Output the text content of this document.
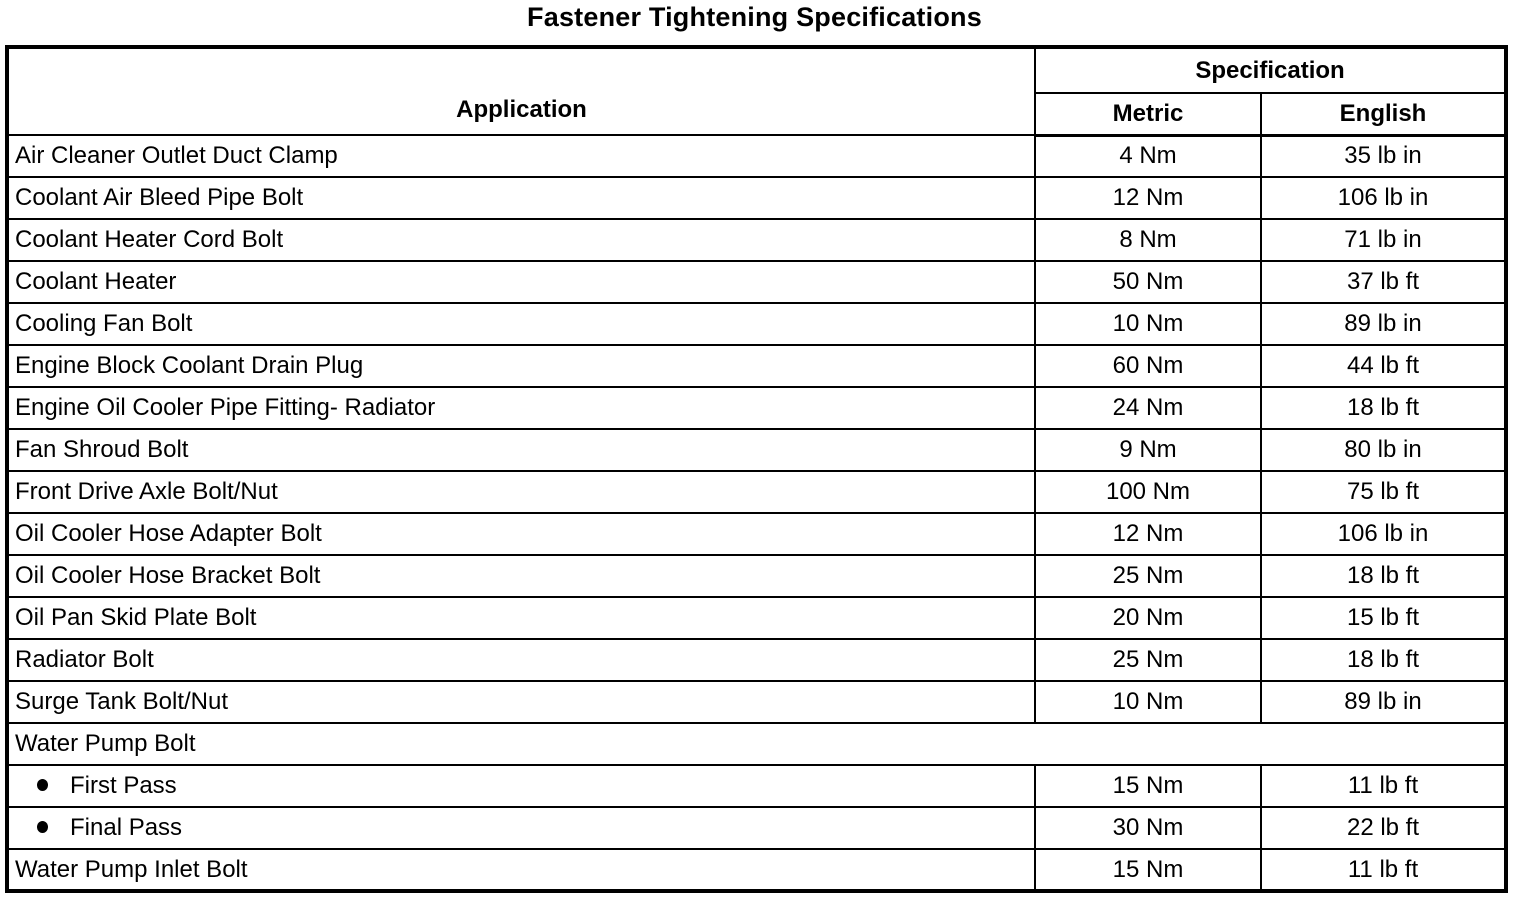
Fastener Tightening Specifications
Application	Specification	
	Metric	English
Air Cleaner Outlet Duct Clamp	4 Nm	35 lb in
Coolant Air Bleed Pipe Bolt	12 Nm	106 lb in
Coolant Heater Cord Bolt	8 Nm	71 lb in
Coolant Heater	50 Nm	37 lb ft
Cooling Fan Bolt	10 Nm	89 lb in
Engine Block Coolant Drain Plug	60 Nm	44 lb ft
Engine Oil Cooler Pipe Fitting- Radiator	24 Nm	18 lb ft
Fan Shroud Bolt	9 Nm	80 lb in
Front Drive Axle Bolt/Nut	100 Nm	75 lb ft
Oil Cooler Hose Adapter Bolt	12 Nm	106 lb in
Oil Cooler Hose Bracket Bolt	25 Nm	18 lb ft
Oil Pan Skid Plate Bolt	20 Nm	15 lb ft
Radiator Bolt	25 Nm	18 lb ft
Surge Tank Bolt/Nut	10 Nm	89 lb in
Water Pump Bolt		
First Pass	15 Nm	11 lb ft
Final Pass	30 Nm	22 lb ft
Water Pump Inlet Bolt	15 Nm	11 lb ft
